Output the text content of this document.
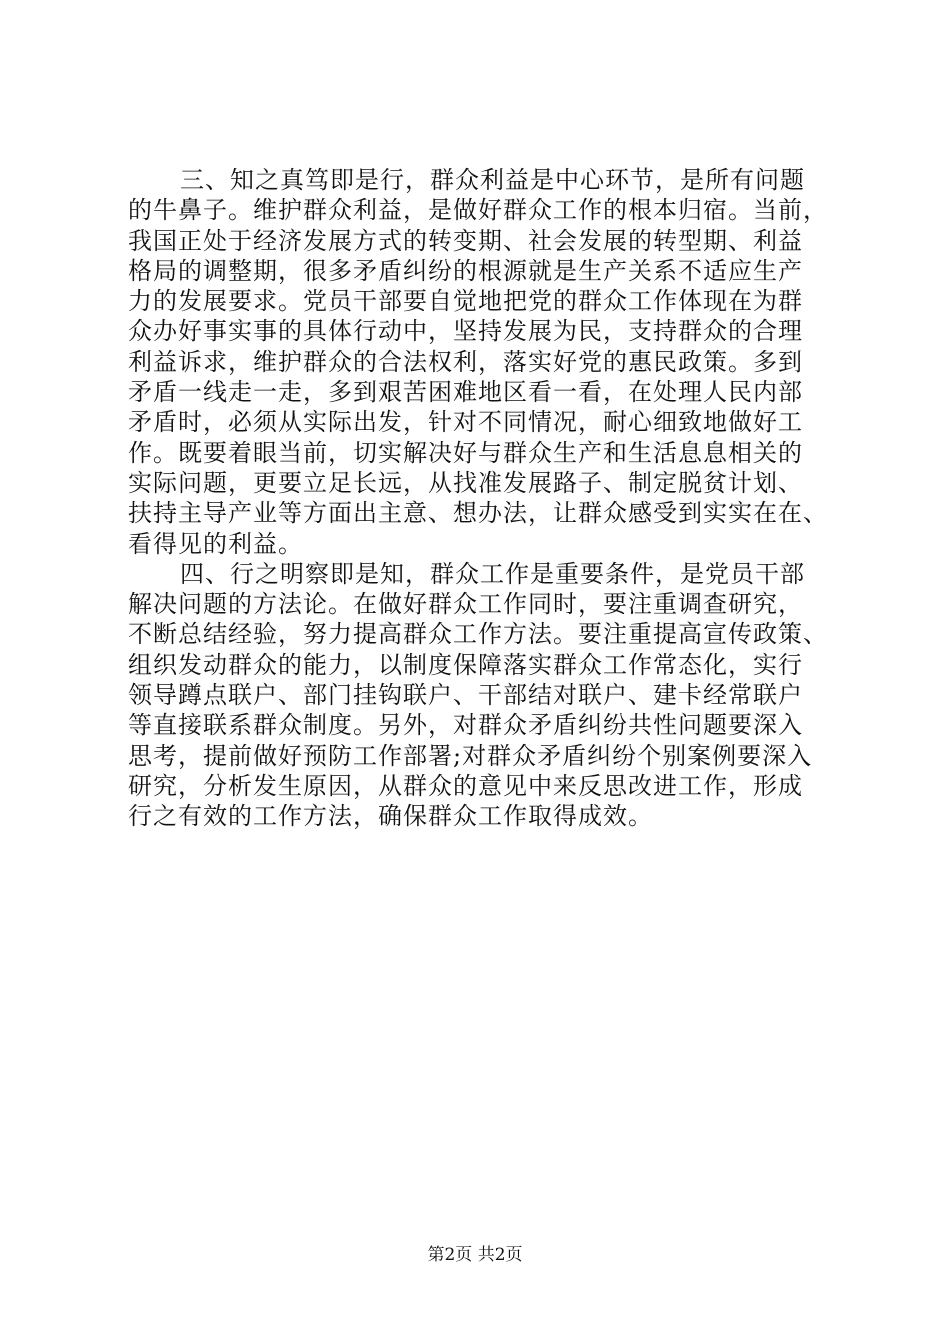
三、知之真笃即是行，群众利益是中心环节，是所有问题
的牛鼻子。维护群众利益，是做好群众工作的根本归宿。当前，
我国正处于经济发展方式的转变期、社会发展的转型期、利益
格局的调整期，很多矛盾纠纷的根源就是生产关系不适应生产
力的发展要求。党员干部要自觉地把党的群众工作体现在为群
众办好事实事的具体行动中，坚持发展为民，支持群众的合理
利益诉求，维护群众的合法权利，落实好党的惠民政策。多到
矛盾一线走一走，多到艰苦困难地区看一看，在处理人民内部
矛盾时，必须从实际出发，针对不同情况，耐心细致地做好工
作。既要着眼当前，切实解决好与群众生产和生活息息相关的
实际问题，更要立足长远，从找准发展路子、制定脱贫计划、
扶持主导产业等方面出主意、想办法，让群众感受到实实在在、
看得见的利益。
四、行之明察即是知，群众工作是重要条件，是党员干部
解决问题的方法论。在做好群众工作同时，要注重调查研究，
不断总结经验，努力提高群众工作方法。要注重提高宣传政策、
组织发动群众的能力，以制度保障落实群众工作常态化，实行
领导蹲点联户、部门挂钩联户、干部结对联户、建卡经常联户
等直接联系群众制度。另外，对群众矛盾纠纷共性问题要深入
思考，提前做好预防工作部署;对群众矛盾纠纷个别案例要深入
研究，分析发生原因，从群众的意见中来反思改进工作，形成
行之有效的工作方法，确保群众工作取得成效。
第2页 共2页
